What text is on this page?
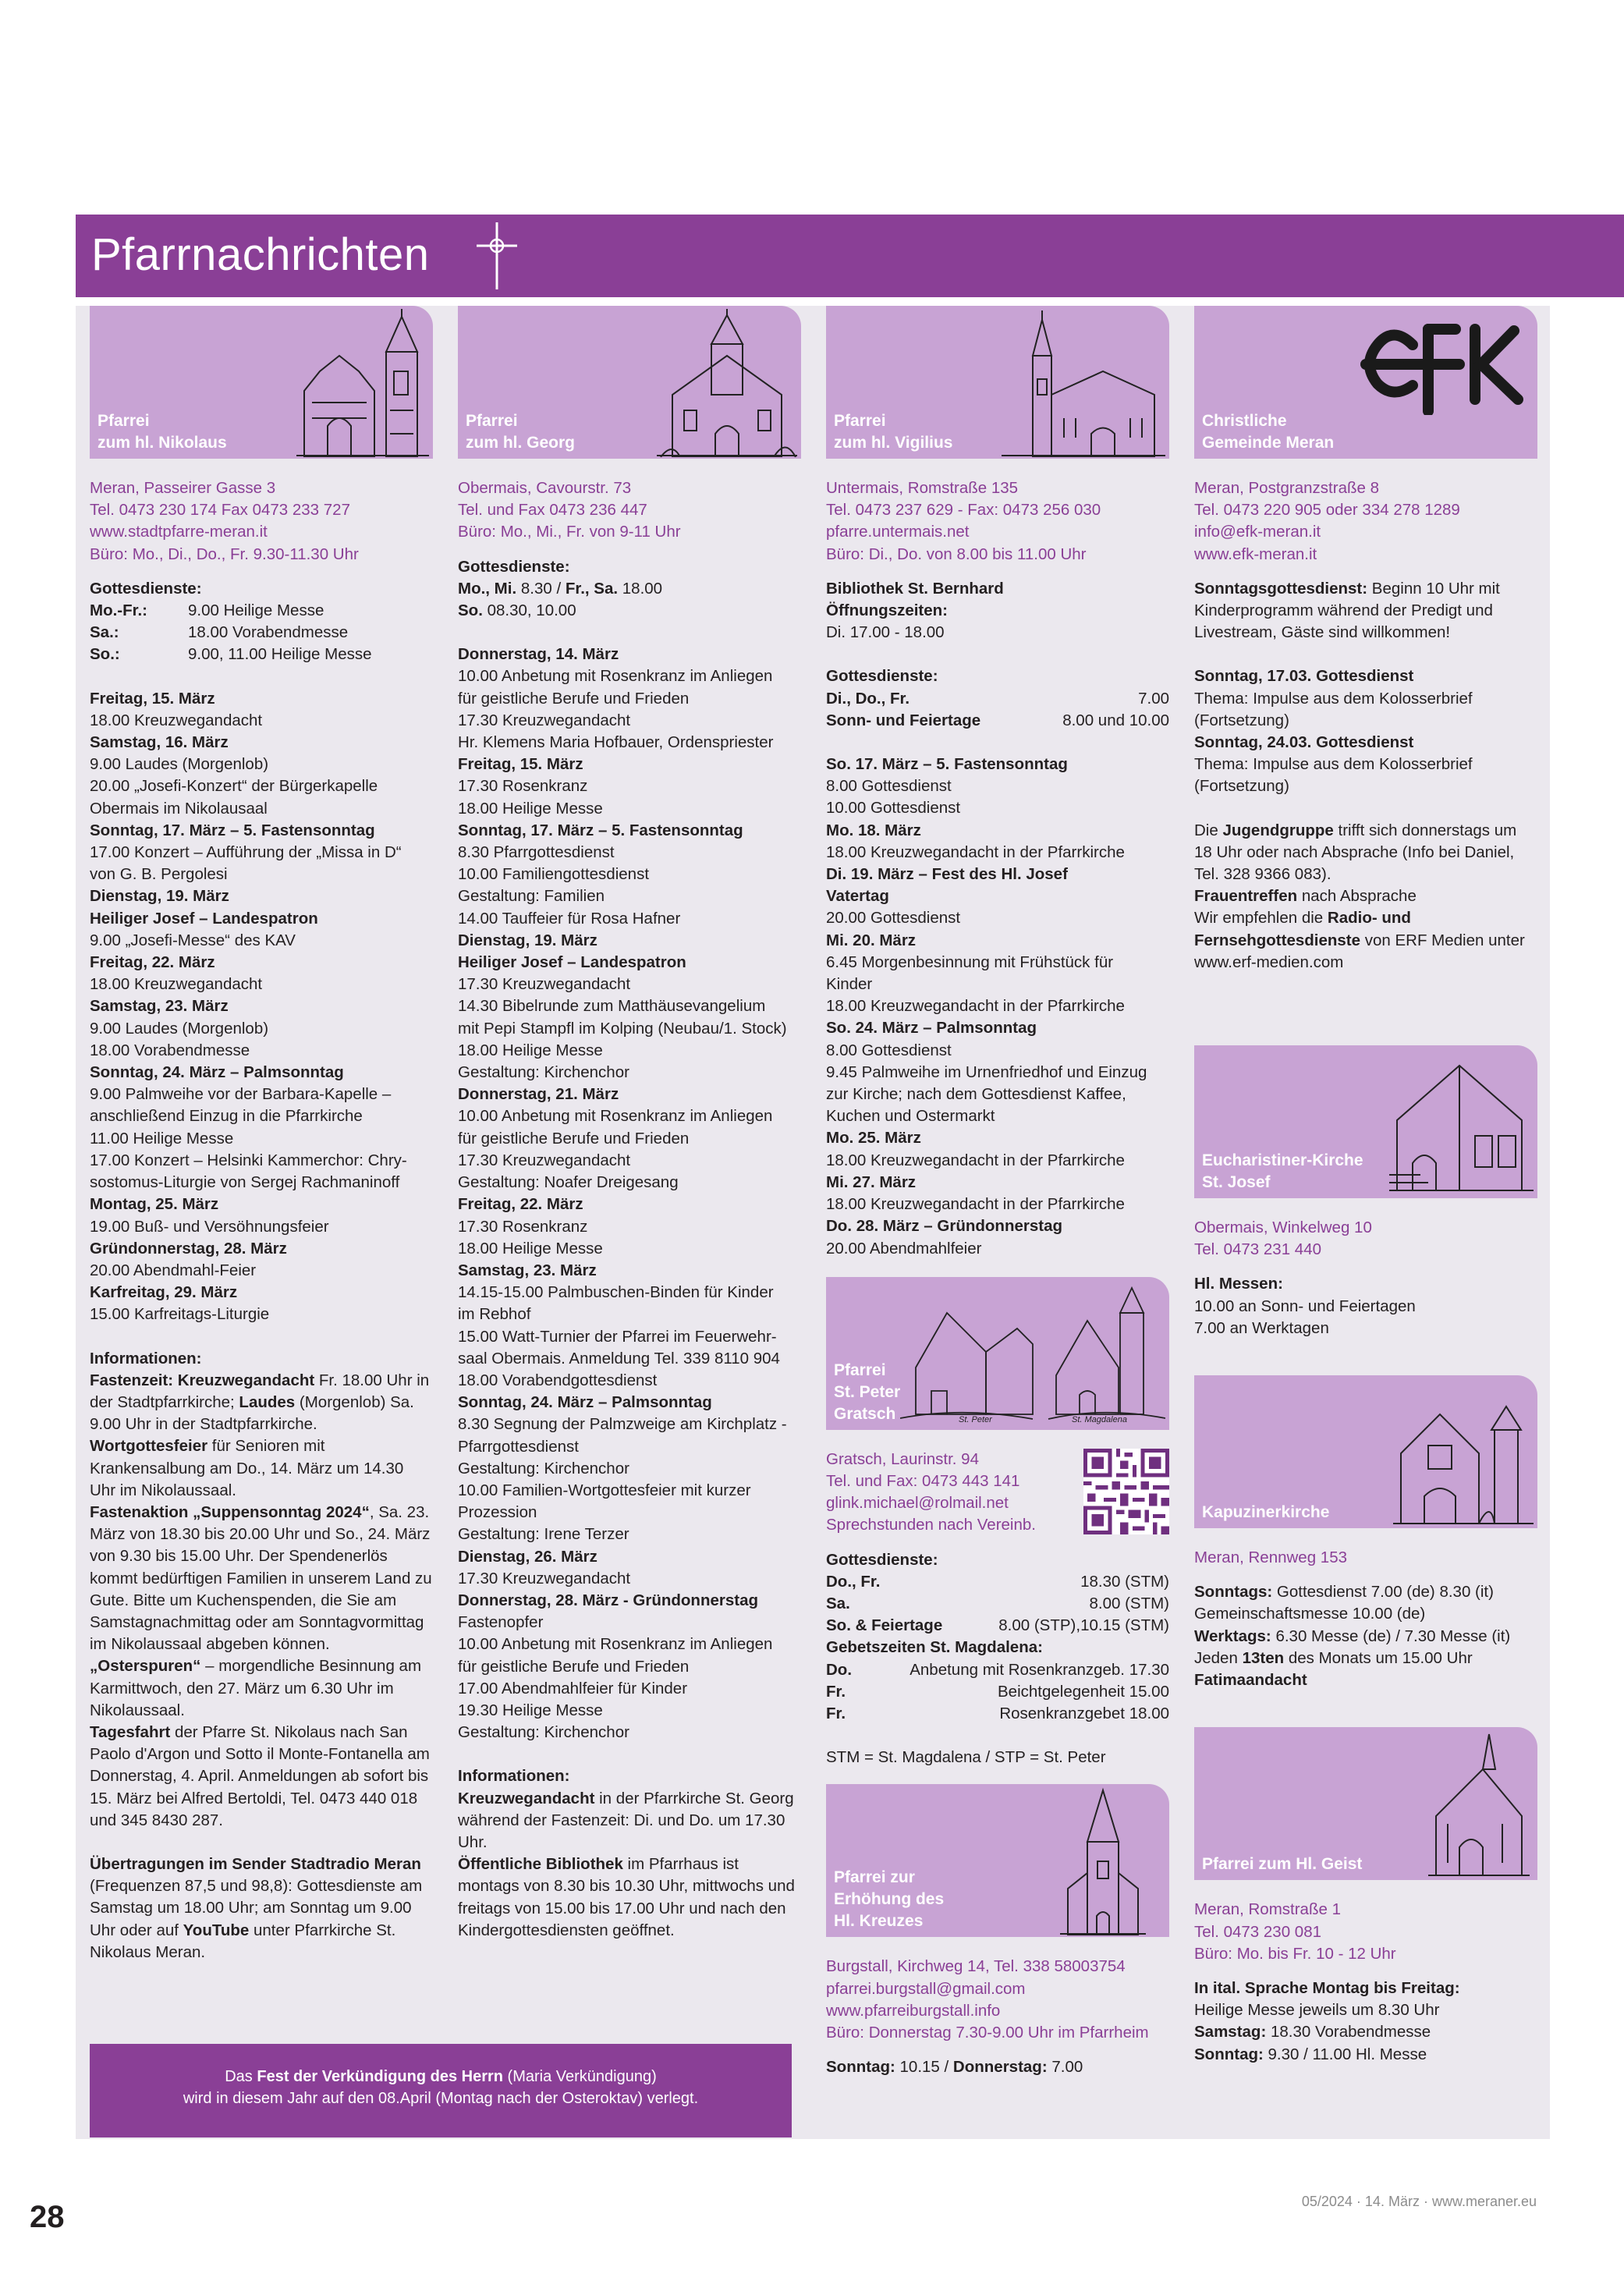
Pfarrnachrichten
Pfarrei
zum hl. Nikolaus

Meran, Passeirer Gasse 3

Tel. 0473 230 174 Fax 0473 233 727

www.stadtpfarre-meran.it

Büro: Mo., Di., Do., Fr. 9.30-11.30 Uhr

Gottesdienste:

Mo.-Fr.:	9.00 Heilige Messe
Sa.:	18.00 Vorabendmesse
So.:	9.00, 11.00 Heilige Messe

Freitag, 15. März

18.00 Kreuzwegandacht

Samstag, 16. März

9.00 Laudes (Morgenlob)

20.00 „Josefi-Konzert“ der Bürgerkapelle

Obermais im Nikolausaal

Sonntag, 17. März – 5. Fastensonntag

17.00 Konzert – Aufführung der „Missa in D“

von G. B. Pergolesi

Dienstag, 19. März

Heiliger Josef – Landespatron

9.00 „Josefi-Messe“ des KAV

Freitag, 22. März

18.00 Kreuzwegandacht

Samstag, 23. März

9.00 Laudes (Morgenlob)

18.00 Vorabendmesse

Sonntag, 24. März – Palmsonntag

9.00 Palmweihe vor der Barbara-Kapelle –

anschließend Einzug in die Pfarrkirche

11.00 Heilige Messe

17.00 Konzert – Helsinki Kammerchor: Chry-

sostomus-Liturgie von Sergej Rachmaninoff

Montag, 25. März

19.00 Buß- und Versöhnungsfeier

Gründonnerstag, 28. März

20.00 Abendmahl-Feier

Karfreitag, 29. März

15.00 Karfreitags-Liturgie

Informationen:

Fastenzeit: Kreuzwegandacht Fr. 18.00 Uhr in der Stadtpfarrkirche; Laudes (Morgenlob) Sa. 9.00 Uhr in der Stadtpfarrkirche.

Wortgottesfeier für Senioren mit Krankensalbung am Do., 14. März um 14.30 Uhr im Nikolaussaal.

Fastenaktion „Suppensonntag 2024“, Sa. 23. März von 18.30 bis 20.00 Uhr und So., 24. März von 9.30 bis 15.00 Uhr. Der Spendenerlös kommt bedürftigen Familien in unserem Land zu Gute. Bitte um Kuchenspenden, die Sie am Samstagnachmittag oder am Sonntagvormittag im Nikolaussaal abgeben können.

„Osterspuren“ – morgendliche Besinnung am Karmittwoch, den 27. März um 6.30 Uhr im Nikolaussaal.

Tagesfahrt der Pfarre St. Nikolaus nach San Paolo d'Argon und Sotto il Monte-Fontanella am Donnerstag, 4. April. Anmeldungen ab sofort bis 15. März bei Alfred Bertoldi, Tel. 0473 440 018 und 345 8430 287.

Übertragungen im Sender Stadtradio Meran (Frequenzen 87,5 und 98,8): Gottesdienste am Samstag um 18.00 Uhr; am Sonntag um 9.00 Uhr oder auf YouTube unter Pfarrkirche St. Nikolaus Meran.

Pfarrei
zum hl. Georg

Obermais, Cavourstr. 73

Tel. und Fax 0473 236 447

Büro: Mo., Mi., Fr. von 9-11 Uhr

Gottesdienste:

Mo., Mi. 8.30 / Fr., Sa. 18.00

So. 08.30, 10.00

Donnerstag, 14. März

10.00 Anbetung mit Rosenkranz im Anliegen

für geistliche Berufe und Frieden

17.30 Kreuzwegandacht

Hr. Klemens Maria Hofbauer, Ordenspriester

Freitag, 15. März

17.30 Rosenkranz

18.00 Heilige Messe

Sonntag, 17. März – 5. Fastensonntag

8.30 Pfarrgottesdienst

10.00 Familiengottesdienst

Gestaltung: Familien

14.00 Tauffeier für Rosa Hafner

Dienstag, 19. März

Heiliger Josef – Landespatron

17.30 Kreuzwegandacht

14.30 Bibelrunde zum Matthäusevangelium

mit Pepi Stampfl im Kolping (Neubau/1. Stock)

18.00 Heilige Messe

Gestaltung: Kirchenchor

Donnerstag, 21. März

10.00 Anbetung mit Rosenkranz im Anliegen

für geistliche Berufe und Frieden

17.30 Kreuzwegandacht

Gestaltung: Noafer Dreigesang

Freitag, 22. März

17.30 Rosenkranz

18.00 Heilige Messe

Samstag, 23. März

14.15-15.00 Palmbuschen-Binden für Kinder

im Rebhof

15.00 Watt-Turnier der Pfarrei im Feuerwehr-

saal Obermais. Anmeldung Tel. 339 8110 904

18.00 Vorabendgottesdienst

Sonntag, 24. März – Palmsonntag

8.30 Segnung der Palmzweige am Kirchplatz -

Pfarrgottesdienst

Gestaltung: Kirchenchor

10.00 Familien-Wortgottesfeier mit kurzer

Prozession

Gestaltung: Irene Terzer

Dienstag, 26. März

17.30 Kreuzwegandacht

Donnerstag, 28. März - Gründonnerstag

Fastenopfer

10.00 Anbetung mit Rosenkranz im Anliegen

für geistliche Berufe und Frieden

17.00 Abendmahlfeier für Kinder

19.30 Heilige Messe

Gestaltung: Kirchenchor

Informationen:

Kreuzwegandacht in der Pfarrkirche St. Georg während der Fastenzeit: Di. und Do. um 17.30 Uhr.

Öffentliche Bibliothek im Pfarrhaus ist montags von 8.30 bis 10.30 Uhr, mittwochs und freitags von 15.00 bis 17.00 Uhr und nach den Kindergottesdiensten geöffnet.

Pfarrei
zum hl. Vigilius

Untermais, Romstraße 135

Tel. 0473 237 629 - Fax: 0473 256 030

pfarre.untermais.net

Büro: Di., Do. von 8.00 bis 11.00 Uhr

Bibliothek St. Bernhard

Öffnungszeiten:

Di. 17.00 - 18.00

Gottesdienste:

Di., Do., Fr.	7.00
Sonn- und Feiertage	8.00 und 10.00

So. 17. März – 5. Fastensonntag

8.00 Gottesdienst

10.00 Gottesdienst

Mo. 18. März

18.00 Kreuzwegandacht in der Pfarrkirche

Di. 19. März – Fest des Hl. Josef

Vatertag

20.00 Gottesdienst

Mi. 20. März

6.45 Morgenbesinnung mit Frühstück für

Kinder

18.00 Kreuzwegandacht in der Pfarrkirche

So. 24. März – Palmsonntag

8.00 Gottesdienst

9.45 Palmweihe im Urnenfriedhof und Einzug

zur Kirche; nach dem Gottesdienst Kaffee,

Kuchen und Ostermarkt

Mo. 25. März

18.00 Kreuzwegandacht in der Pfarrkirche

Mi. 27. März

18.00 Kreuzwegandacht in der Pfarrkirche

Do. 28. März – Gründonnerstag

20.00 Abendmahlfeier

St. Peter	St. Magdalena
Pfarrei
St. Peter
Gratsch

Gratsch, Laurinstr. 94

Tel. und Fax: 0473 443 141

glink.michael@rolmail.net

Sprechstunden nach Vereinb.

Gottesdienste:

Do., Fr.	18.30 (STM)
Sa.	8.00 (STM)
So. & Feiertage	8.00 (STP),10.15 (STM)

Gebetszeiten St. Magdalena:

Do.	Anbetung mit Rosenkranzgeb. 17.30
Fr.	Beichtgelegenheit 15.00
Fr.	Rosenkranzgebet 18.00

STM = St. Magdalena / STP = St. Peter

Pfarrei zur
Erhöhung des
Hl. Kreuzes

Burgstall, Kirchweg 14, Tel. 338 58003754

pfarrei.burgstall@gmail.com

www.pfarreiburgstall.info

Büro: Donnerstag 7.30-9.00 Uhr im Pfarrheim

Sonntag: 10.15 / Donnerstag: 7.00

Christliche
Gemeinde Meran

Meran, Postgranzstraße 8

Tel. 0473 220 905 oder 334 278 1289

info@efk-meran.it

www.efk-meran.it

Sonntagsgottesdienst: Beginn 10 Uhr mit Kinderprogramm während der Predigt und Livestream, Gäste sind willkommen!

Sonntag, 17.03. Gottesdienst

Thema: Impulse aus dem Kolosserbrief

(Fortsetzung)

Sonntag, 24.03. Gottesdienst

Thema: Impulse aus dem Kolosserbrief

(Fortsetzung)

Die Jugendgruppe trifft sich donnerstags um 18 Uhr oder nach Absprache (Info bei Daniel, Tel. 328 9366 083).

Frauentreffen nach Absprache

Wir empfehlen die Radio- und Fernsehgottesdienste von ERF Medien unter www.erf-medien.com

Eucharistiner-Kirche
St. Josef

Obermais, Winkelweg 10

Tel. 0473 231 440

Hl. Messen:

10.00 an Sonn- und Feiertagen

7.00 an Werktagen

Kapuzinerkirche

Meran, Rennweg 153

Sonntags: Gottesdienst 7.00 (de) 8.30 (it)

Gemeinschaftsmesse 10.00 (de)

Werktags: 6.30 Messe (de) / 7.30 Messe (it)

Jeden 13ten des Monats um 15.00 Uhr

Fatimaandacht

Pfarrei zum Hl. Geist

Meran, Romstraße 1

Tel. 0473 230 081

Büro: Mo. bis Fr. 10 - 12 Uhr

In ital. Sprache Montag bis Freitag:

Heilige Messe jeweils um 8.30 Uhr

Samstag: 18.30 Vorabendmesse

Sonntag: 9.30 / 11.00 Hl. Messe

Das Fest der Verkündigung des Herrn (Maria Verkündigung)

wird in diesem Jahr auf den 08.April (Montag nach der Osteroktav) verlegt.

28	05/2024 · 14. März · www.meraner.eu
